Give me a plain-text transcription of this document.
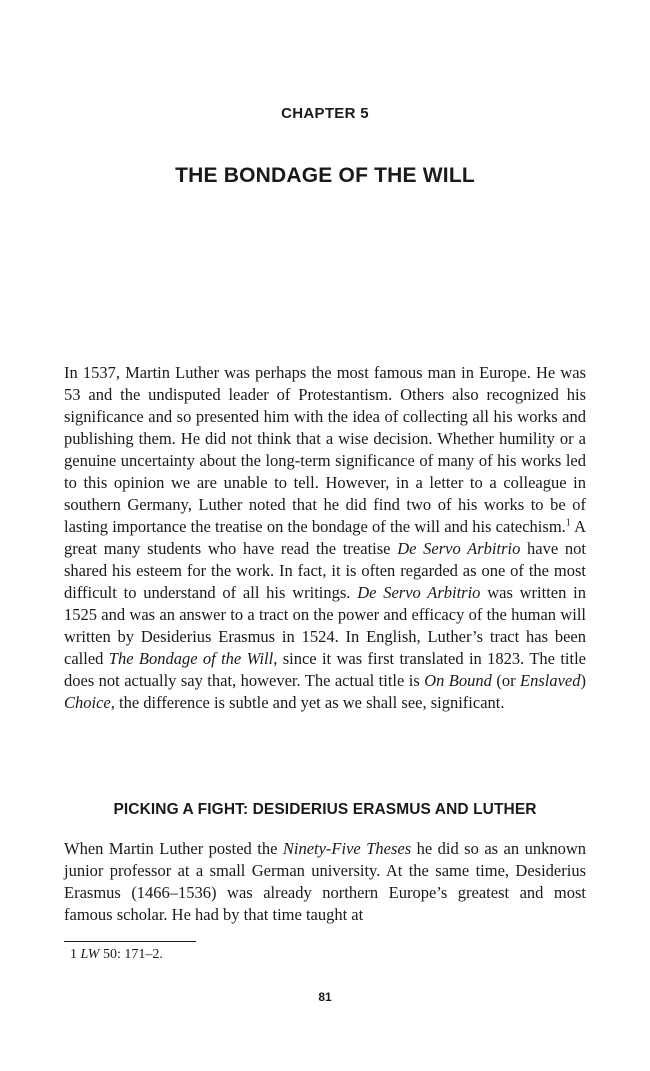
CHAPTER 5
THE BONDAGE OF THE WILL

In 1537, Martin Luther was perhaps the most famous man in Europe. He was 53 and the undisputed leader of Protestantism. Others also recognized his significance and so presented him with the idea of collecting all his works and publishing them. He did not think that a wise decision. Whether humility or a genuine uncertainty about the long-term significance of many of his works led to this opinion we are unable to tell. However, in a letter to a colleague in southern Germany, Luther noted that he did find two of his works to be of lasting importance the treatise on the bondage of the will and his catechism.$^1$ A great many students who have read the treatise De Servo Arbitrio have not shared his esteem for the work. In fact, it is often regarded as one of the most difficult to understand of all his writings. De Servo Arbitrio was written in 1525 and was an answer to a tract on the power and efficacy of the human will written by Desiderius Erasmus in 1524. In English, Luther’s tract has been called The Bondage of the Will, since it was first translated in 1823. The title does not actually say that, however. The actual title is On Bound (or Enslaved) Choice, the difference is subtle and yet as we shall see, significant.

PICKING A FIGHT: DESIDERIUS ERASMUS AND LUTHER

When Martin Luther posted the Ninety-Five Theses he did so as an unknown junior professor at a small German university. At the same time, Desiderius Erasmus (1466–1536) was already northern Europe’s greatest and most famous scholar. He had by that time taught at

1 LW 50: 171–2.
81
